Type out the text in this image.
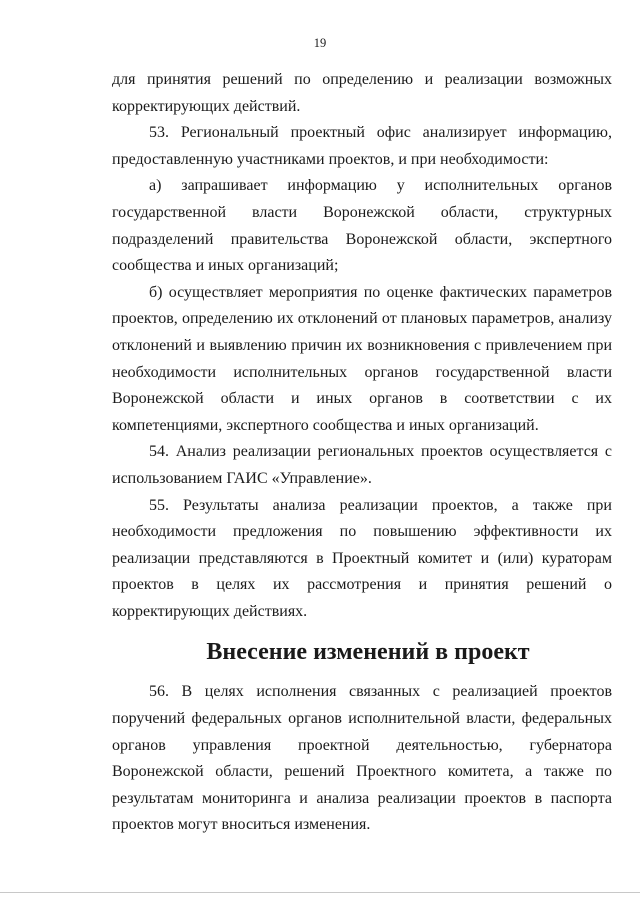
19

для принятия решений по определению и реализации возможных корректирующих действий.

53. Региональный проектный офис анализирует информацию, предоставленную участниками проектов, и при необходимости:

а) запрашивает информацию у исполнительных органов государственной власти Воронежской области, структурных подразделений правительства Воронежской области, экспертного сообщества и иных организаций;

б) осуществляет мероприятия по оценке фактических параметров проектов, определению их отклонений от плановых параметров, анализу отклонений и выявлению причин их возникновения с привлечением при необходимости исполнительных органов государственной власти Воронежской области и иных органов в соответствии с их компетенциями, экспертного сообщества и иных организаций.

54. Анализ реализации региональных проектов осуществляется с использованием ГАИС «Управление».

55. Результаты анализа реализации проектов, а также при необходимости предложения по повышению эффективности их реализации представляются в Проектный комитет и (или) кураторам проектов в целях их рассмотрения и принятия решений о корректирующих действиях.

Внесение изменений в проект

56. В целях исполнения связанных с реализацией проектов поручений федеральных органов исполнительной власти, федеральных органов управления проектной деятельностью, губернатора Воронежской области, решений Проектного комитета, а также по результатам мониторинга и анализа реализации проектов в паспорта проектов могут вноситься изменения.
